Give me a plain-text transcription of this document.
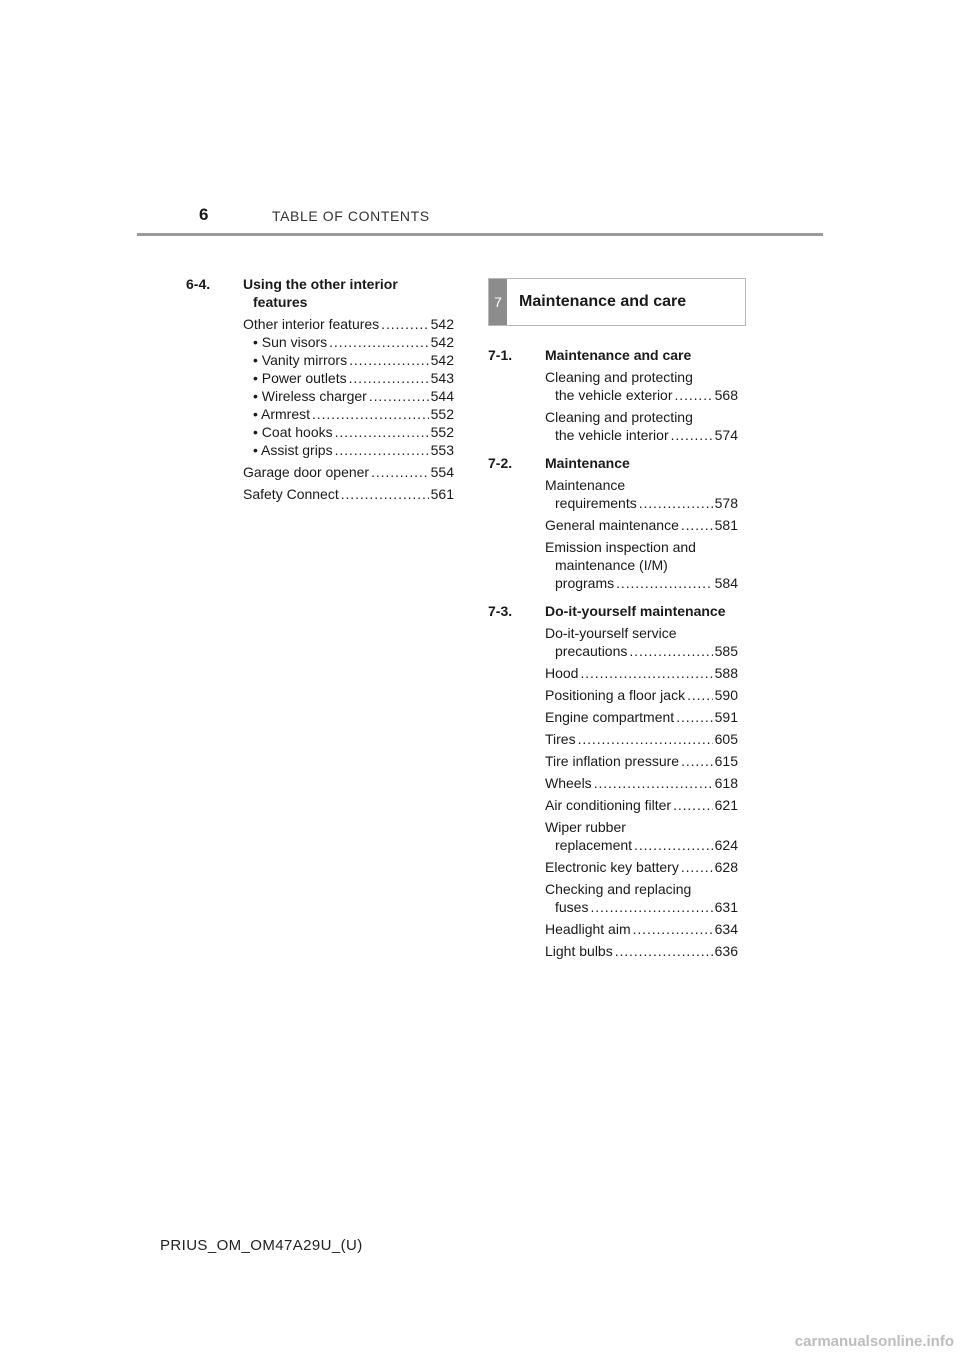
6	TABLE OF CONTENTS
6-4.	Using the other interior
features
Other interior features . . .	542
• Sun visors . . .	542
• Vanity mirrors . . .	542
• Power outlets . . .	543
• Wireless charger . . .	544
• Armrest . . .	552
• Coat hooks . . .	552
• Assist grips . . .	553
Garage door opener . . .	554
Safety Connect . . .	561
7	Maintenance and care
7-1.	Maintenance and care
Cleaning and protecting
the vehicle exterior . . .	568
Cleaning and protecting
the vehicle interior . . .	574
7-2.	Maintenance
Maintenance
requirements . . .	578
General maintenance . . .	581
Emission inspection and
maintenance (I/M)
programs . . .	584
7-3.	Do-it-yourself maintenance
Do-it-yourself service
precautions . . .	585
Hood . . .	588
Positioning a floor jack . . . 590
Engine compartment . . .	591
Tires . . .	605
Tire inflation pressure . . .	615
Wheels . . .	618
Air conditioning filter . . .	621
Wiper rubber
replacement . . .	624
Electronic key battery . . .	628
Checking and replacing
fuses . . .	631
Headlight aim . . .	634
Light bulbs . . .	636
PRIUS_OM_OM47A29U_(U)
carmanualsonline.info
